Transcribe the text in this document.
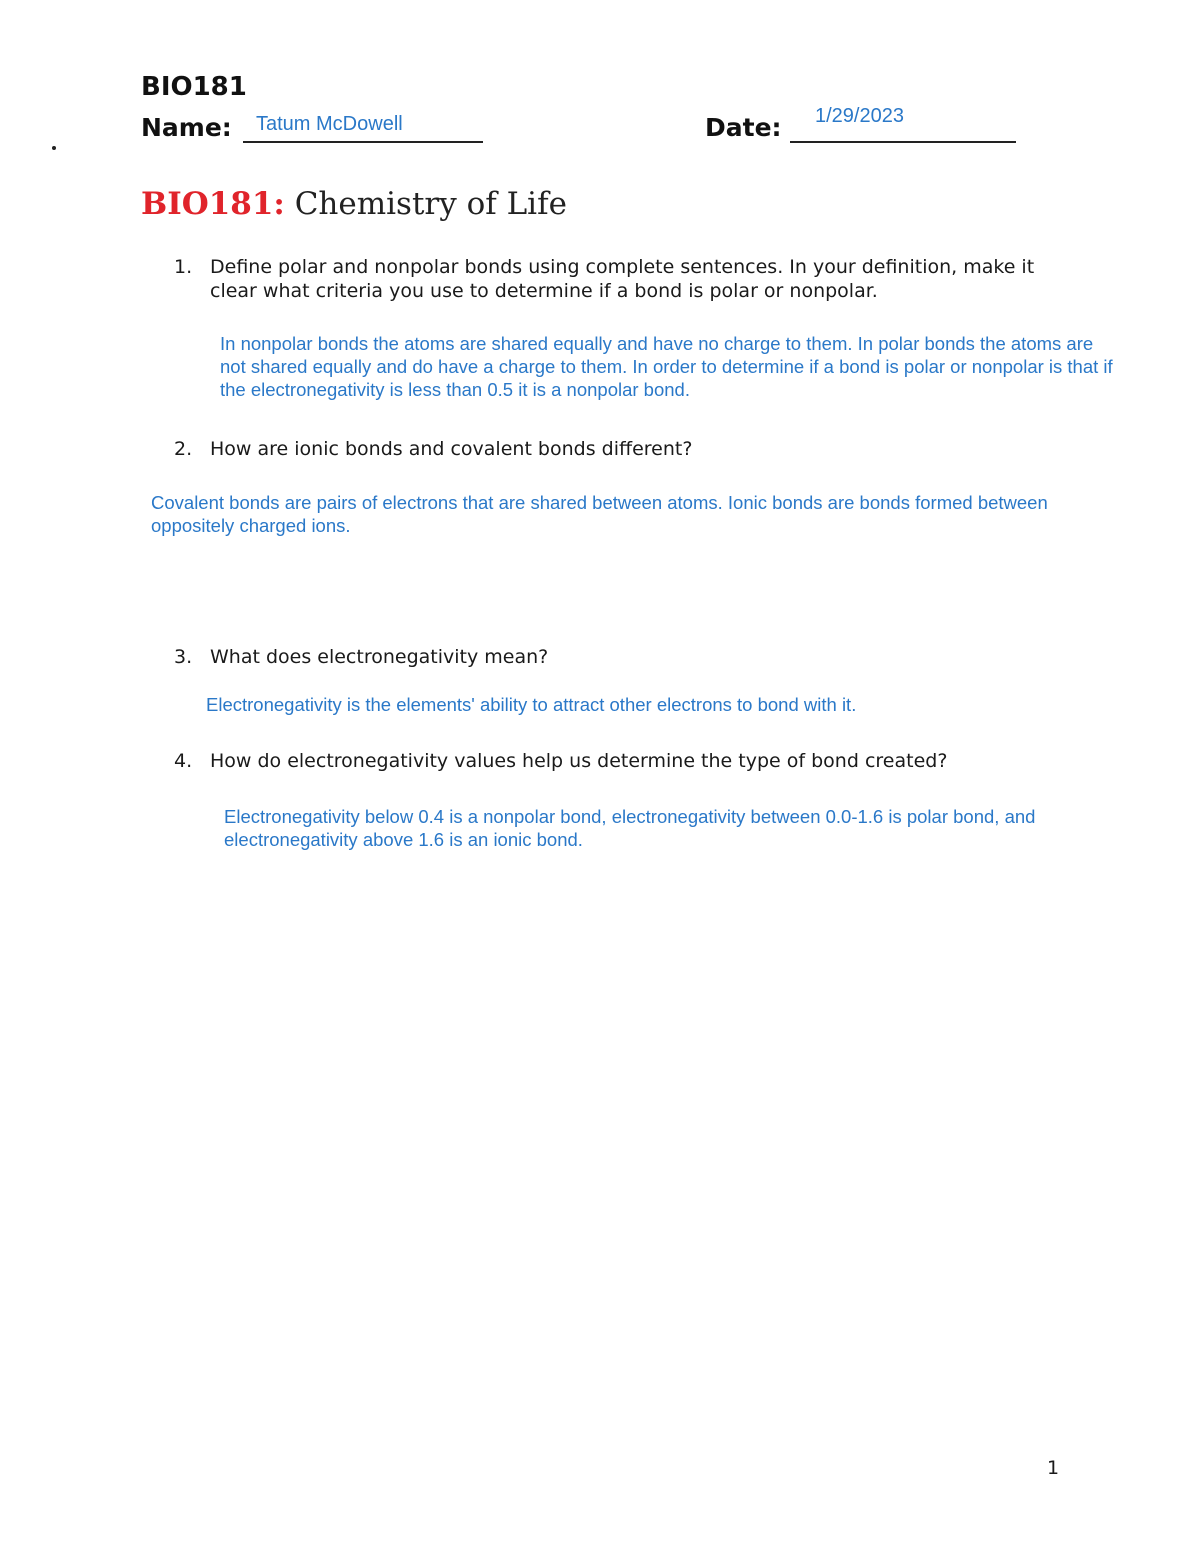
BIO181
Name: Tatum McDowell	Date: 1/29/2023
BIO181: Chemistry of Life
1. Define polar and nonpolar bonds using complete sentences. In your definition, make it clear what criteria you use to determine if a bond is polar or nonpolar.
In nonpolar bonds the atoms are shared equally and have no charge to them. In polar bonds the atoms are not shared equally and do have a charge to them. In order to determine if a bond is polar or nonpolar is that if the electronegativity is less than 0.5 it is a nonpolar bond.
2. How are ionic bonds and covalent bonds different?
Covalent bonds are pairs of electrons that are shared between atoms. Ionic bonds are bonds formed between oppositely charged ions.
3. What does electronegativity mean?
Electronegativity is the elements' ability to attract other electrons to bond with it.
4. How do electronegativity values help us determine the type of bond created?
Electronegativity below 0.4 is a nonpolar bond, electronegativity between 0.0-1.6 is polar bond, and electronegativity above 1.6 is an ionic bond.
1
